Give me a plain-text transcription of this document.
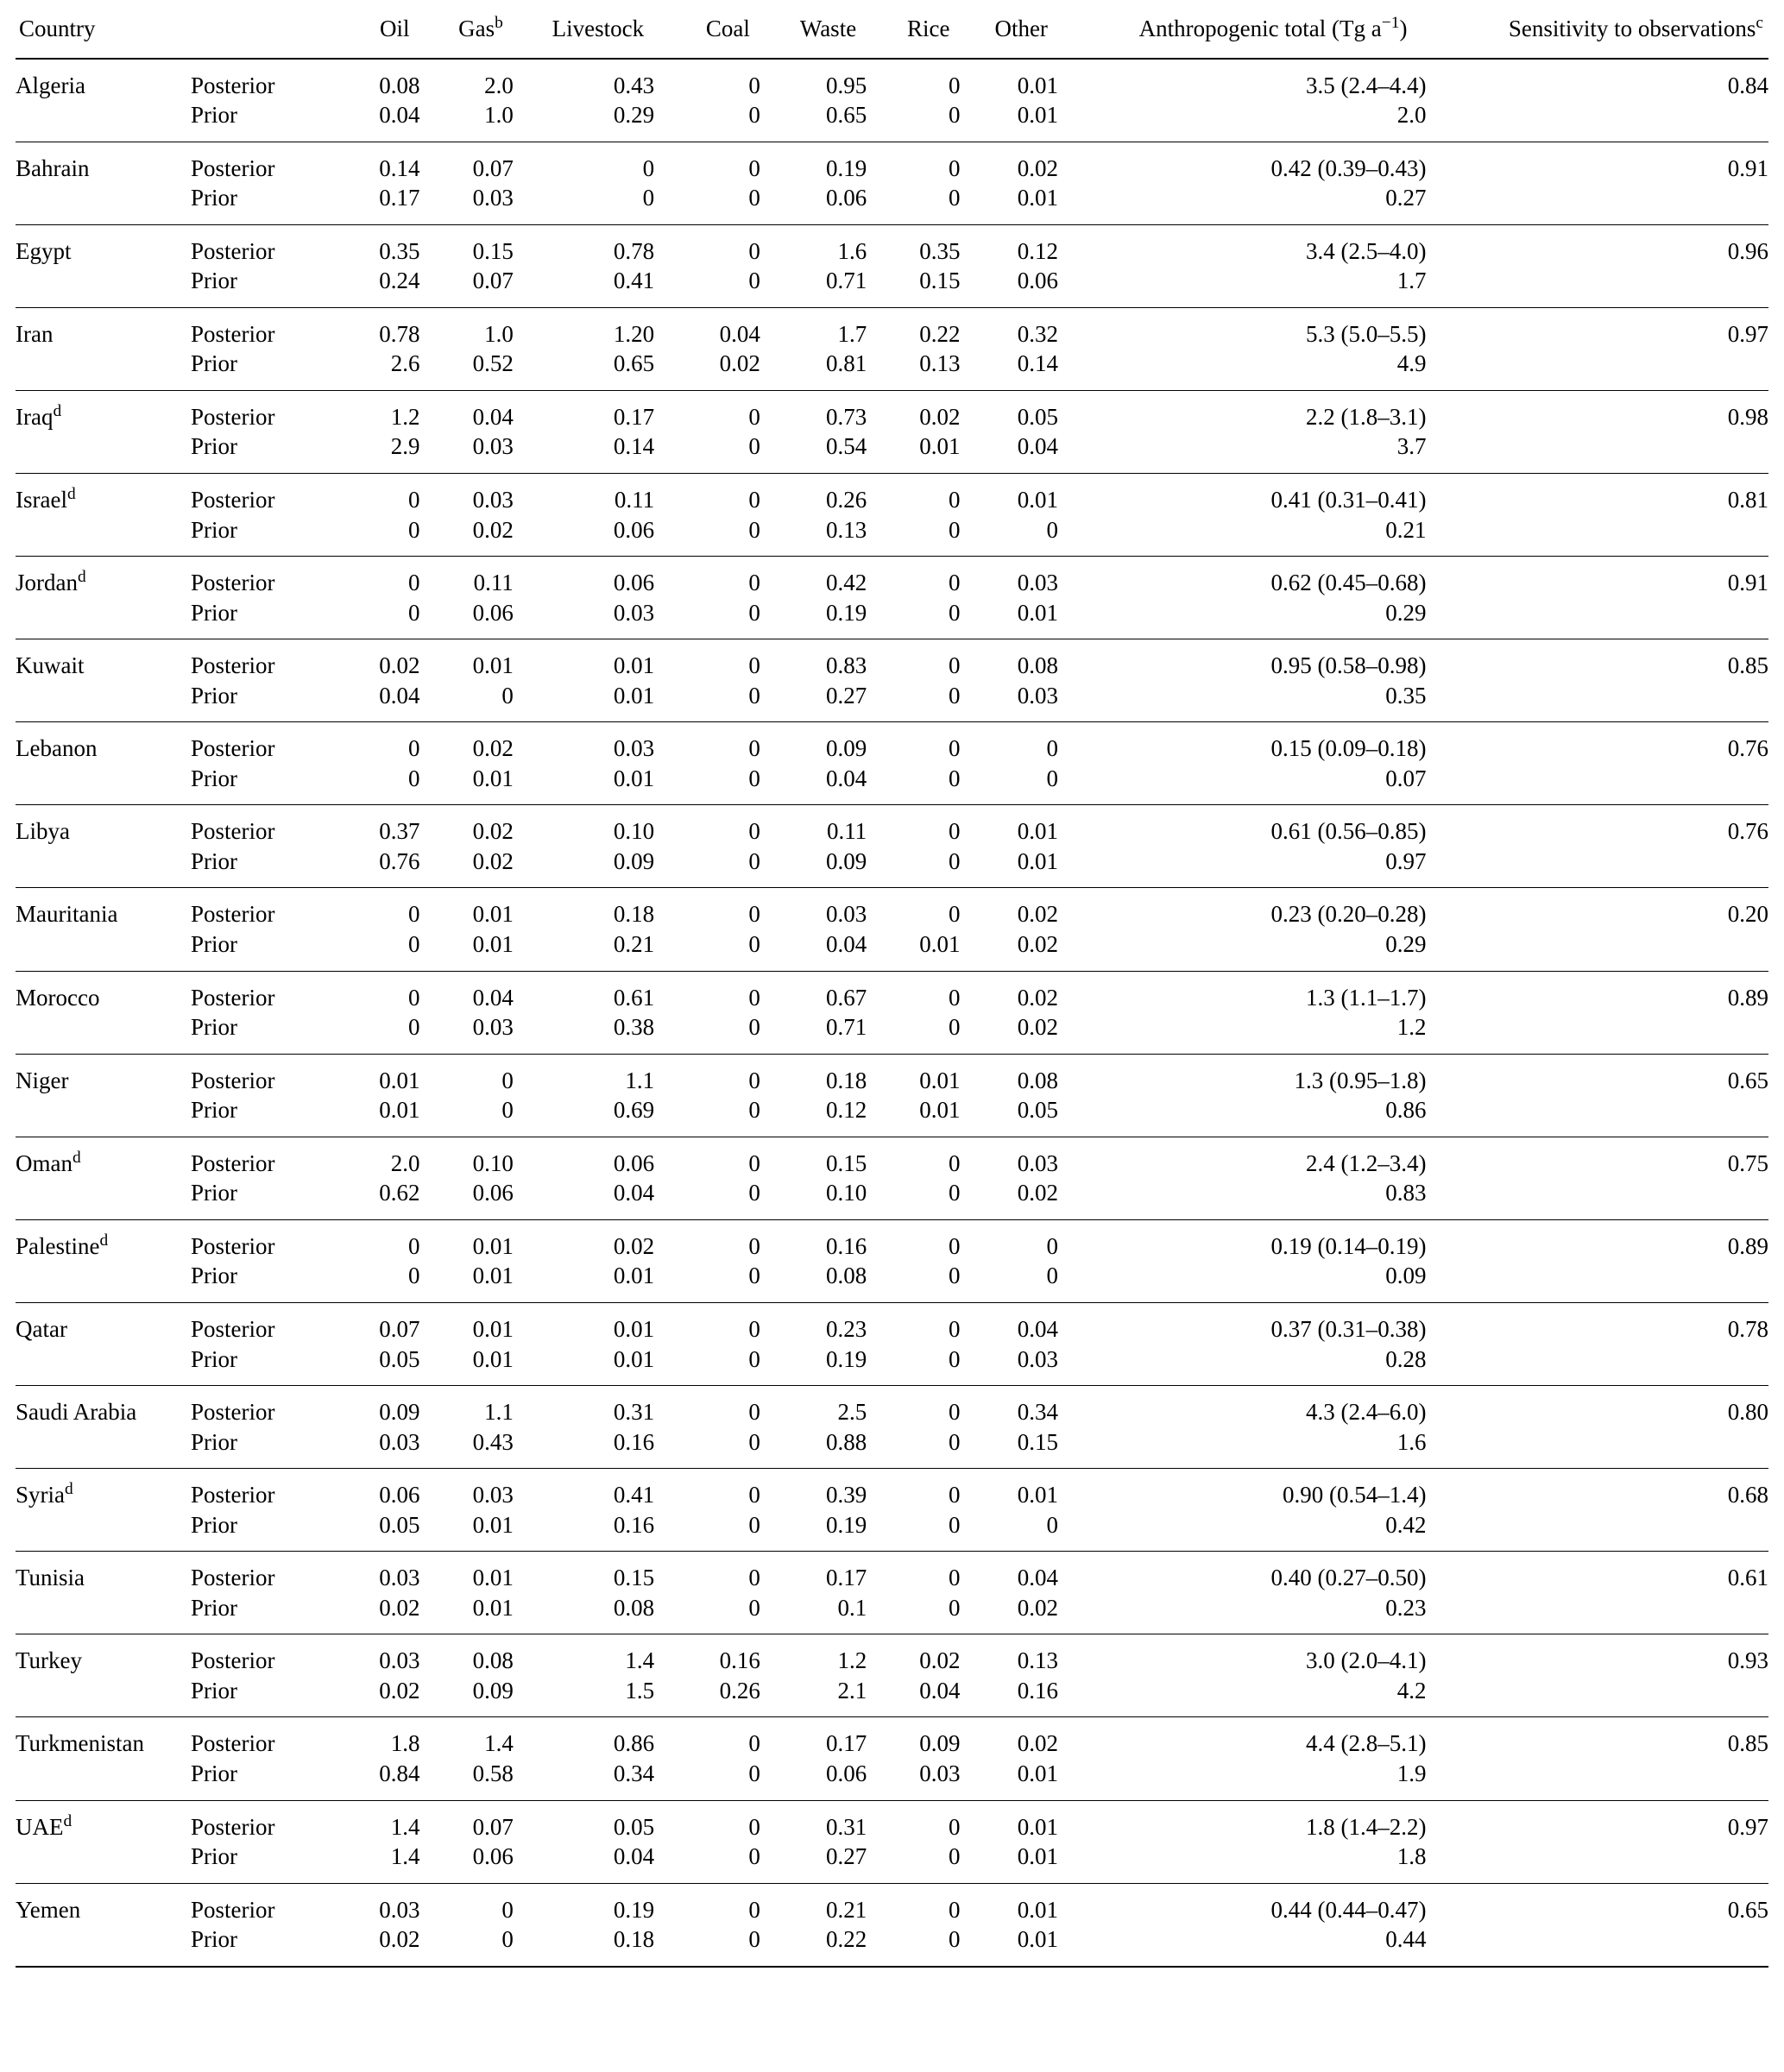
Country		Oil	Gas$^b$	Livestock	Coal	Waste	Rice	Other	Anthropogenic total (Tg $a^{-1}$)	Sensitivity to observations$^c$
Algeria	Posterior	0.08	2.0	0.43	0	0.95	0	0.01	3.5 (2.4–4.4)	0.84
	Prior	0.04	1.0	0.29	0	0.65	0	0.01	2.0	
Bahrain	Posterior	0.14	0.07	0	0	0.19	0	0.02	0.42 (0.39–0.43)	0.91
	Prior	0.17	0.03	0	0	0.06	0	0.01	0.27	
Egypt	Posterior	0.35	0.15	0.78	0	1.6	0.35	0.12	3.4 (2.5–4.0)	0.96
	Prior	0.24	0.07	0.41	0	0.71	0.15	0.06	1.7	
Iran	Posterior	0.78	1.0	1.20	0.04	1.7	0.22	0.32	5.3 (5.0–5.5)	0.97
	Prior	2.6	0.52	0.65	0.02	0.81	0.13	0.14	4.9	
Iraq$^d$	Posterior	1.2	0.04	0.17	0	0.73	0.02	0.05	2.2 (1.8–3.1)	0.98
	Prior	2.9	0.03	0.14	0	0.54	0.01	0.04	3.7	
Israel$^d$	Posterior	0	0.03	0.11	0	0.26	0	0.01	0.41 (0.31–0.41)	0.81
	Prior	0	0.02	0.06	0	0.13	0	0	0.21	
Jordan$^d$	Posterior	0	0.11	0.06	0	0.42	0	0.03	0.62 (0.45–0.68)	0.91
	Prior	0	0.06	0.03	0	0.19	0	0.01	0.29	
Kuwait	Posterior	0.02	0.01	0.01	0	0.83	0	0.08	0.95 (0.58–0.98)	0.85
	Prior	0.04	0	0.01	0	0.27	0	0.03	0.35	
Lebanon	Posterior	0	0.02	0.03	0	0.09	0	0	0.15 (0.09–0.18)	0.76
	Prior	0	0.01	0.01	0	0.04	0	0	0.07	
Libya	Posterior	0.37	0.02	0.10	0	0.11	0	0.01	0.61 (0.56–0.85)	0.76
	Prior	0.76	0.02	0.09	0	0.09	0	0.01	0.97	
Mauritania	Posterior	0	0.01	0.18	0	0.03	0	0.02	0.23 (0.20–0.28)	0.20
	Prior	0	0.01	0.21	0	0.04	0.01	0.02	0.29	
Morocco	Posterior	0	0.04	0.61	0	0.67	0	0.02	1.3 (1.1–1.7)	0.89
	Prior	0	0.03	0.38	0	0.71	0	0.02	1.2	
Niger	Posterior	0.01	0	1.1	0	0.18	0.01	0.08	1.3 (0.95–1.8)	0.65
	Prior	0.01	0	0.69	0	0.12	0.01	0.05	0.86	
Oman$^d$	Posterior	2.0	0.10	0.06	0	0.15	0	0.03	2.4 (1.2–3.4)	0.75
	Prior	0.62	0.06	0.04	0	0.10	0	0.02	0.83	
Palestine$^d$	Posterior	0	0.01	0.02	0	0.16	0	0	0.19 (0.14–0.19)	0.89
	Prior	0	0.01	0.01	0	0.08	0	0	0.09	
Qatar	Posterior	0.07	0.01	0.01	0	0.23	0	0.04	0.37 (0.31–0.38)	0.78
	Prior	0.05	0.01	0.01	0	0.19	0	0.03	0.28	
Saudi Arabia	Posterior	0.09	1.1	0.31	0	2.5	0	0.34	4.3 (2.4–6.0)	0.80
	Prior	0.03	0.43	0.16	0	0.88	0	0.15	1.6	
Syria$^d$	Posterior	0.06	0.03	0.41	0	0.39	0	0.01	0.90 (0.54–1.4)	0.68
	Prior	0.05	0.01	0.16	0	0.19	0	0	0.42	
Tunisia	Posterior	0.03	0.01	0.15	0	0.17	0	0.04	0.40 (0.27–0.50)	0.61
	Prior	0.02	0.01	0.08	0	0.1	0	0.02	0.23	
Turkey	Posterior	0.03	0.08	1.4	0.16	1.2	0.02	0.13	3.0 (2.0–4.1)	0.93
	Prior	0.02	0.09	1.5	0.26	2.1	0.04	0.16	4.2	
Turkmenistan	Posterior	1.8	1.4	0.86	0	0.17	0.09	0.02	4.4 (2.8–5.1)	0.85
	Prior	0.84	0.58	0.34	0	0.06	0.03	0.01	1.9	
UAE$^d$	Posterior	1.4	0.07	0.05	0	0.31	0	0.01	1.8 (1.4–2.2)	0.97
	Prior	1.4	0.06	0.04	0	0.27	0	0.01	1.8	
Yemen	Posterior	0.03	0	0.19	0	0.21	0	0.01	0.44 (0.44–0.47)	0.65
	Prior	0.02	0	0.18	0	0.22	0	0.01	0.44	
